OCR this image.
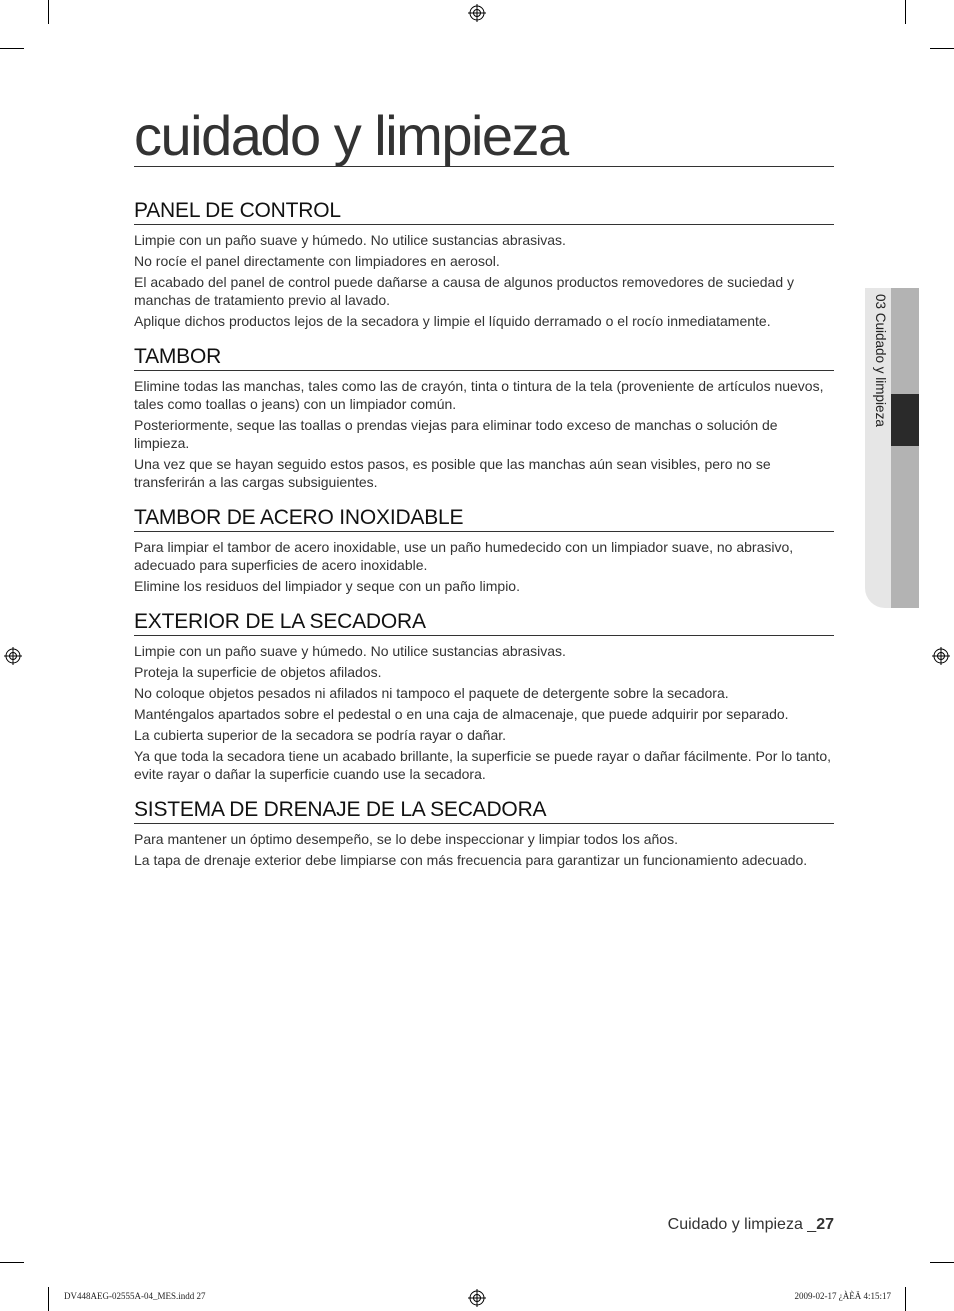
cuidado y limpieza
PANEL DE CONTROL

Limpie con un paño suave y húmedo. No utilice sustancias abrasivas.

No rocíe el panel directamente con limpiadores en aerosol.

El acabado del panel de control puede dañarse a causa de algunos productos removedores de suciedad y manchas de tratamiento previo al lavado.

Aplique dichos productos lejos de la secadora y limpie el líquido derramado o el rocío inmediatamente.

TAMBOR

Elimine todas las manchas, tales como las de crayón, tinta o tintura de la tela (proveniente de artículos nuevos, tales como toallas o jeans) con un limpiador común.

Posteriormente, seque las toallas o prendas viejas para eliminar todo exceso de manchas o solución de limpieza.

Una vez que se hayan seguido estos pasos, es posible que las manchas aún sean visibles, pero no se transferirán a las cargas subsiguientes.

TAMBOR DE ACERO INOXIDABLE

Para limpiar el tambor de acero inoxidable, use un paño humedecido con un limpiador suave, no abrasivo, adecuado para superficies de acero inoxidable.

Elimine los residuos del limpiador y seque con un paño limpio.

EXTERIOR DE LA SECADORA

Limpie con un paño suave y húmedo. No utilice sustancias abrasivas.

Proteja la superficie de objetos afilados.

No coloque objetos pesados ni afilados ni tampoco el paquete de detergente sobre la secadora.

Manténgalos apartados sobre el pedestal o en una caja de almacenaje, que puede adquirir por separado.

La cubierta superior de la secadora se podría rayar o dañar.

Ya que toda la secadora tiene un acabado brillante, la superficie se puede rayar o dañar fácilmente. Por lo tanto, evite rayar o dañar la superficie cuando use la secadora.

SISTEMA DE DRENAJE DE LA SECADORA

Para mantener un óptimo desempeño, se lo debe inspeccionar y limpiar todos los años.

La tapa de drenaje exterior debe limpiarse con más frecuencia para garantizar un funcionamiento adecuado.

03 Cuidado y limpieza
Cuidado y limpieza _27
DV448AEG-02555A-04_MES.indd 27	2009-02-17 ¿ÀÈÄ 4:15:17
